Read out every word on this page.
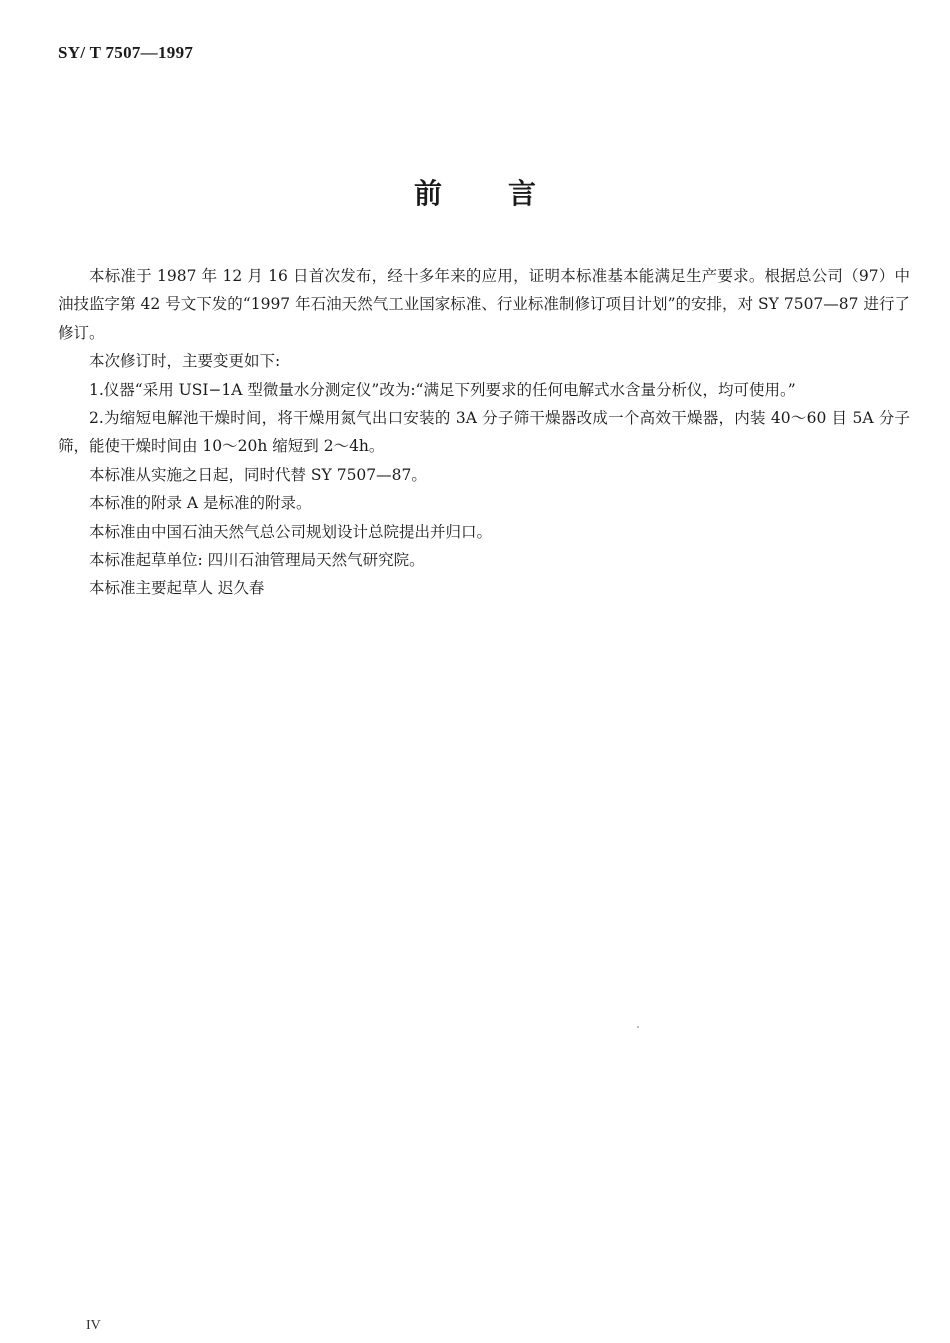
SY/ T 7507—1997
前 言

本标准于 1987 年 12 月 16 日首次发布，经十多年来的应用，证明本标准基本能满足生产要求。根据总公司（97）中油技监字第 42 号文下发的“1997 年石油天然气工业国家标准、行业标准制修订项目计划”的安排，对 SY 7507—87 进行了修订。

本次修订时，主要变更如下:

1.仪器“采用 USI−1A 型微量水分测定仪”改为:“满足下列要求的任何电解式水含量分析仪，均可使用。”

2.为缩短电解池干燥时间，将干燥用氮气出口安装的 3A 分子筛干燥器改成一个高效干燥器，内装 40～60 目 5A 分子筛，能使干燥时间由 10～20h 缩短到 2～4h。

本标准从实施之日起，同时代替 SY 7507—87。

本标准的附录 A 是标准的附录。

本标准由中国石油天然气总公司规划设计总院提出并归口。

本标准起草单位: 四川石油管理局天然气研究院。

本标准主要起草人 迟久春

IV
